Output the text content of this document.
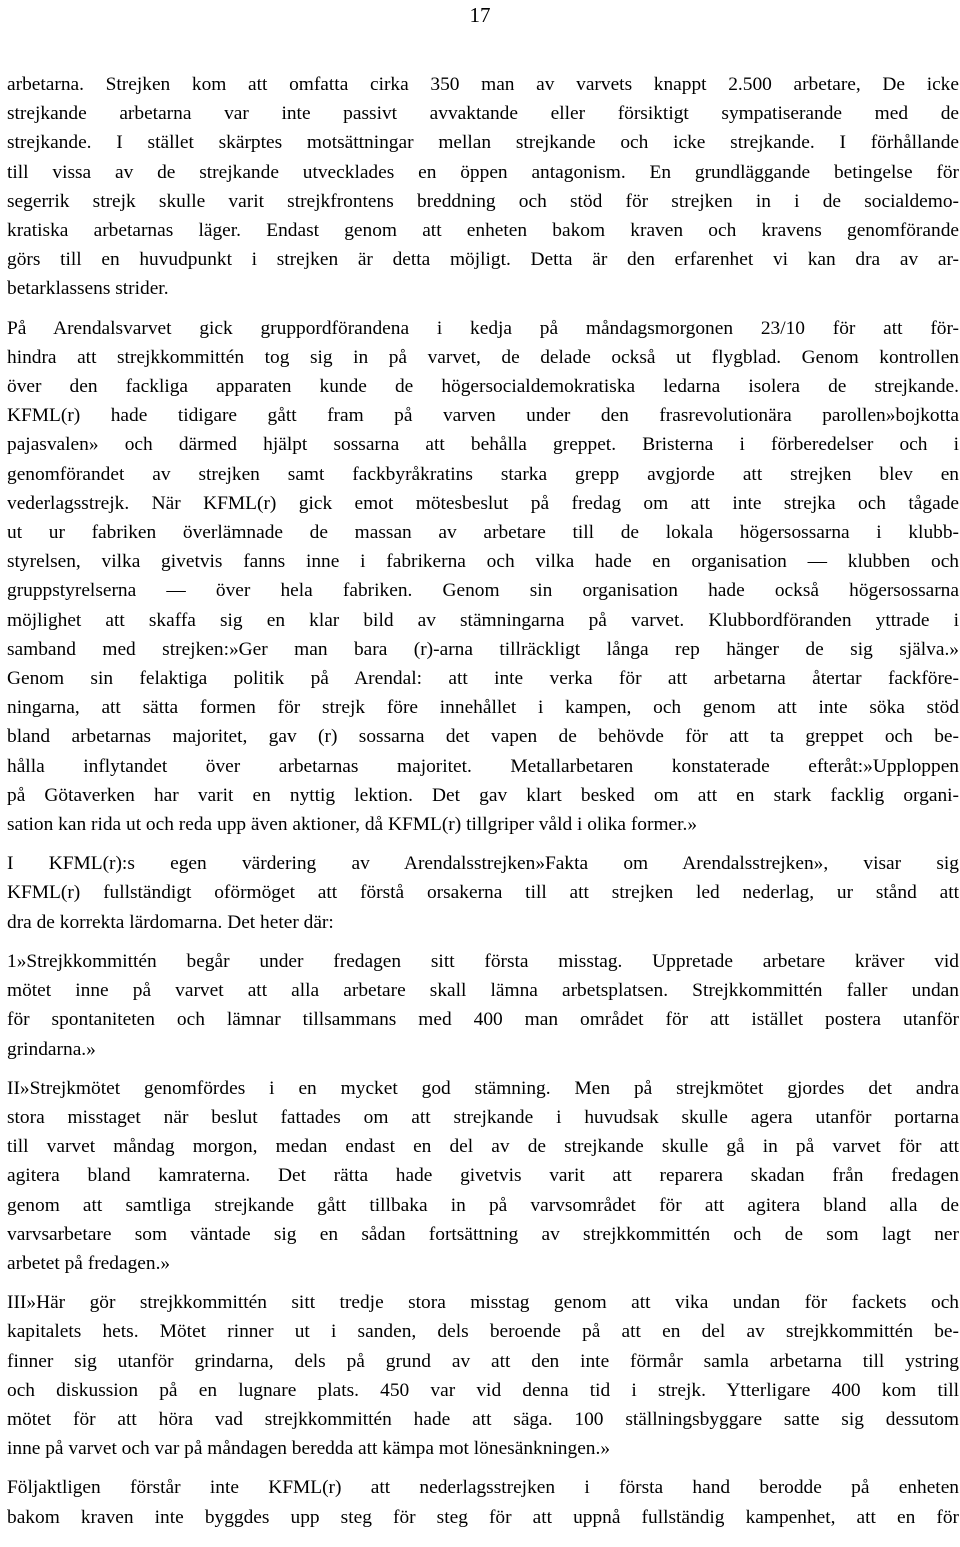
17

arbetarna. Strejken kom att omfatta cirka 350 man av varvets knappt 2.500 arbetare, De icke
strejkande arbetarna var inte passivt avvaktande eller försiktigt sympatiserande med de
strejkande. I stället skärptes motsättningar mellan strejkande och icke strejkande. I förhållande
till vissa av de strejkande utvecklades en öppen antagonism. En grundläggande betingelse för
segerrik strejk skulle varit strejkfrontens breddning och stöd för strejken in i de socialdemo-
kratiska arbetarnas läger. Endast genom att enheten bakom kraven och kravens genomförande
görs till en huvudpunkt i strejken är detta möjligt. Detta är den erfarenhet vi kan dra av ar-
betarklassens strider.

På Arendalsvarvet gick gruppordförandena i kedja på måndagsmorgonen 23/10 för att för-
hindra att strejkkommittén tog sig in på varvet, de delade också ut flygblad. Genom kontrollen
över den fackliga apparaten kunde de högersocialdemokratiska ledarna isolera de strejkande.
KFML(r) hade tidigare gått fram på varven under den frasrevolutionära parollen»bojkotta
pajasvalen» och därmed hjälpt sossarna att behålla greppet. Bristerna i förberedelser och i
genomförandet av strejken samt fackbyråkratins starka grepp avgjorde att strejken blev en
vederlagsstrejk. När KFML(r) gick emot mötesbeslut på fredag om att inte strejka och tågade
ut ur fabriken överlämnade de massan av arbetare till de lokala högersossarna i klubb-
styrelsen, vilka givetvis fanns inne i fabrikerna och vilka hade en organisation — klubben och
gruppstyrelserna — över hela fabriken. Genom sin organisation hade också högersossarna
möjlighet att skaffa sig en klar bild av stämningarna på varvet. Klubbordföranden yttrade i
samband med strejken:»Ger man bara (r)-arna tillräckligt långa rep hänger de sig själva.»
Genom sin felaktiga politik på Arendal: att inte verka för att arbetarna återtar fackföre-
ningarna, att sätta formen för strejk före innehållet i kampen, och genom att inte söka stöd
bland arbetarnas majoritet, gav (r) sossarna det vapen de behövde för att ta greppet och be-
hålla inflytandet över arbetarnas majoritet. Metallarbetaren konstaterade efteråt:»Upploppen
på Götaverken har varit en nyttig lektion. Det gav klart besked om att en stark facklig organi-
sation kan rida ut och reda upp även aktioner, då KFML(r) tillgriper våld i olika former.»

I KFML(r):s egen värdering av Arendalsstrejken»Fakta om Arendalsstrejken», visar sig
KFML(r) fullständigt oförmöget att förstå orsakerna till att strejken led nederlag, ur stånd att
dra de korrekta lärdomarna. Det heter där:

1»Strejkkommittén begår under fredagen sitt första misstag. Uppretade arbetare kräver vid
mötet inne på varvet att alla arbetare skall lämna arbetsplatsen. Strejkkommittén faller undan
för spontaniteten och lämnar tillsammans med 400 man området för att istället postera utanför
grindarna.»

II»Strejkmötet genomfördes i en mycket god stämning. Men på strejkmötet gjordes det andra
stora misstaget när beslut fattades om att strejkande i huvudsak skulle agera utanför portarna
till varvet måndag morgon, medan endast en del av de strejkande skulle gå in på varvet för att
agitera bland kamraterna. Det rätta hade givetvis varit att reparera skadan från fredagen
genom att samtliga strejkande gått tillbaka in på varvsområdet för att agitera bland alla de
varvsarbetare som väntade sig en sådan fortsättning av strejkkommittén och de som lagt ner
arbetet på fredagen.»

III»Här gör strejkkommittén sitt tredje stora misstag genom att vika undan för fackets och
kapitalets hets. Mötet rinner ut i sanden, dels beroende på att en del av strejkkommittén be-
finner sig utanför grindarna, dels på grund av att den inte förmår samla arbetarna till ystring
och diskussion på en lugnare plats. 450 var vid denna tid i strejk. Ytterligare 400 kom till
mötet för att höra vad strejkkommittén hade att säga. 100 ställningsbyggare satte sig dessutom
inne på varvet och var på måndagen beredda att kämpa mot lönesänkningen.»

Följaktligen förstår inte KFML(r) att nederlagsstrejken i första hand berodde på enheten
bakom kraven inte byggdes upp steg för steg för att uppnå fullständig kampenhet, att en för
